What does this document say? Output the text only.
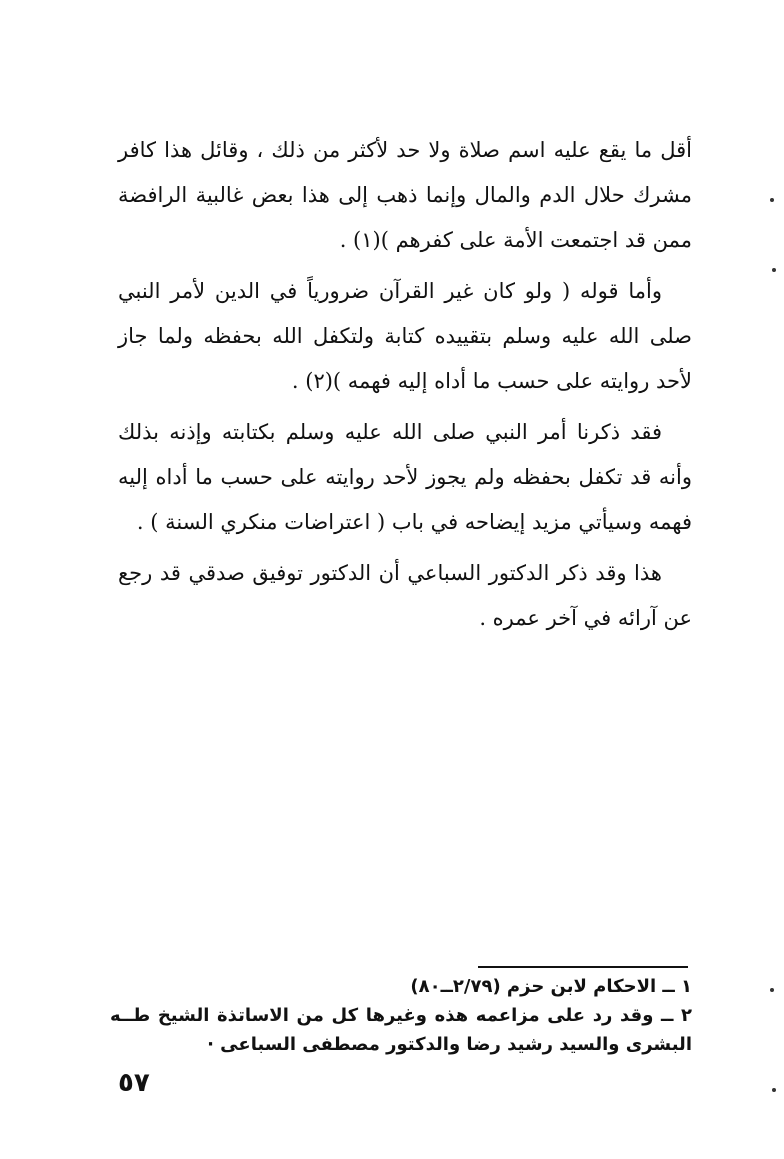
أقل ما يقع عليه اسم صلاة ولا حد لأكثر من ذلك ، وقائل هذا كافر مشرك حلال الدم والمال وإنما ذهب إلى هذا بعض غالبية الرافضة ممن قد اجتمعت الأمة على كفرهم )(١) .

وأما قوله ( ولو كان غير القرآن ضرورياً في الدين لأمر النبي صلى الله عليه وسلم بتقييده كتابة ولتكفل الله بحفظه ولما جاز لأحد روايته على حسب ما أداه إليه فهمه )(٢) .

فقد ذكرنا أمر النبي صلى الله عليه وسلم بكتابته وإذنه بذلك وأنه قد تكفل بحفظه ولم يجوز لأحد روايته على حسب ما أداه إليه فهمه وسيأتي مزيد إيضاحه في باب ( اعتراضات منكري السنة ) .

هذا وقد ذكر الدكتور السباعي أن الدكتور توفيق صدقي قد رجع عن آرائه في آخر عمره .

١ ــ الاحكام لابن حزم (٢/٧٩ــ٨٠)

٢ ــ وقد رد على مزاعمه هذه وغيرها كل من الاساتذة الشيخ طــه البشرى والسيد رشيد رضا والدكتور مصطفى السباعى ·

٥٧
